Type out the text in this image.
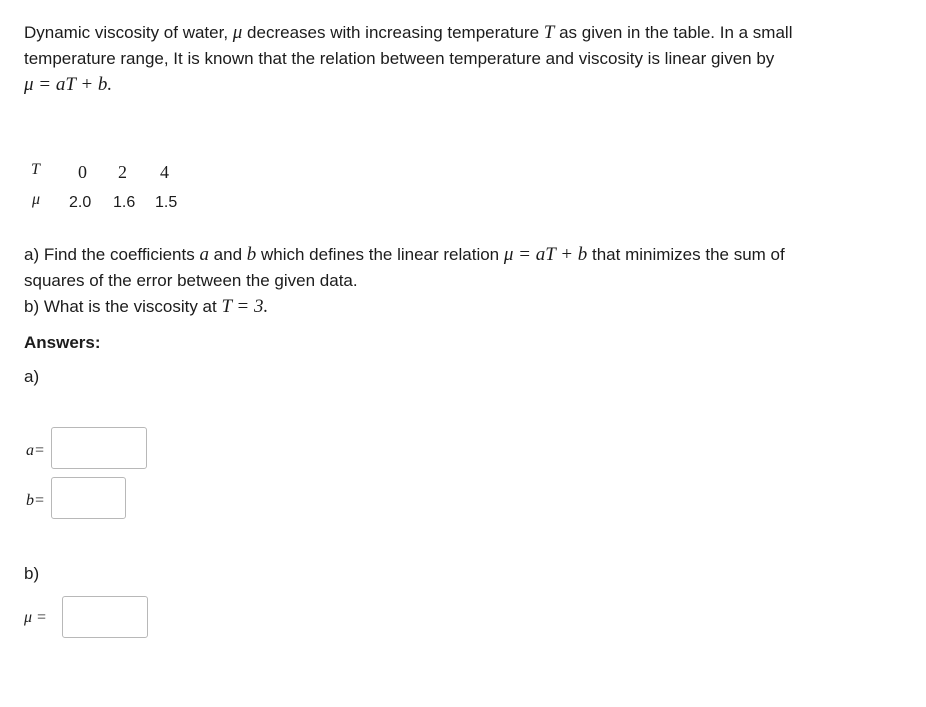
Dynamic viscosity of water, μ decreases with increasing temperature T as given in the table. In a small
temperature range, It is known that the relation between temperature and viscosity is linear given by
μ = aT + b.
T 0 2 4
μ 2.0 1.6 1.5
a) Find the coefficients a and b which defines the linear relation μ = aT + b that minimizes the sum of
squares of the error between the given data.
b) What is the viscosity at T = 3.
Answers:
a)
a=
b=
b)
μ =
